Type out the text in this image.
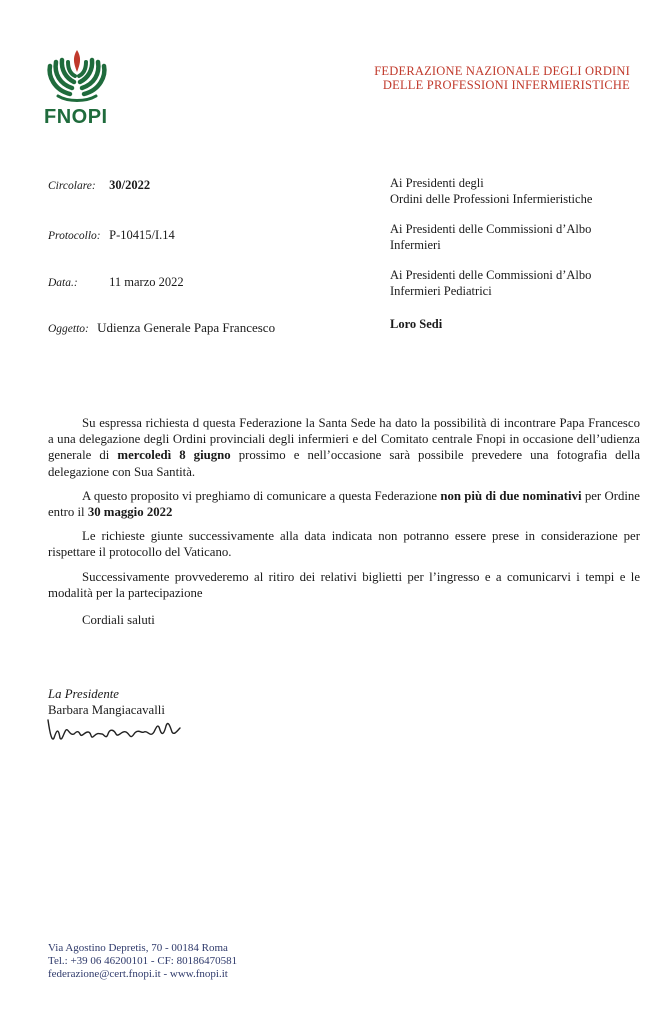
FNOPI
FEDERAZIONE NAZIONALE DEGLI ORDINI
DELLE PROFESSIONI INFERMIERISTICHE
Circolare: 30/2022
Protocollo: P-10415/I.14
Data.:	11 marzo 2022
Oggetto: Udienza Generale Papa Francesco
Ai Presidenti degli
Ordini delle Professioni Infermieristiche
Ai Presidenti delle Commissioni d’Albo
Infermieri
Ai Presidenti delle Commissioni d’Albo
Infermieri Pediatrici
Loro Sedi

Su espressa richiesta d questa Federazione la Santa Sede ha dato la possibilità di incontrare Papa Francesco a una delegazione degli Ordini provinciali degli infermieri e del Comitato centrale Fnopi in occasione dell’udienza generale di mercoledì 8 giugno prossimo e nell’occasione sarà possibile prevedere una fotografia della delegazione con Sua Santità.

A questo proposito vi preghiamo di comunicare a questa Federazione non più di due nominativi per Ordine entro il 30 maggio 2022

Le richieste giunte successivamente alla data indicata non potranno essere prese in considerazione per rispettare il protocollo del Vaticano.

Successivamente provvederemo al ritiro dei relativi biglietti per l’ingresso e a comunicarvi i tempi e le modalità per la partecipazione

Cordiali saluti
La Presidente
Barbara Mangiacavalli
Via Agostino Depretis, 70 - 00184 Roma
Tel.: +39 06 46200101 - CF: 80186470581
federazione@cert.fnopi.it - www.fnopi.it
